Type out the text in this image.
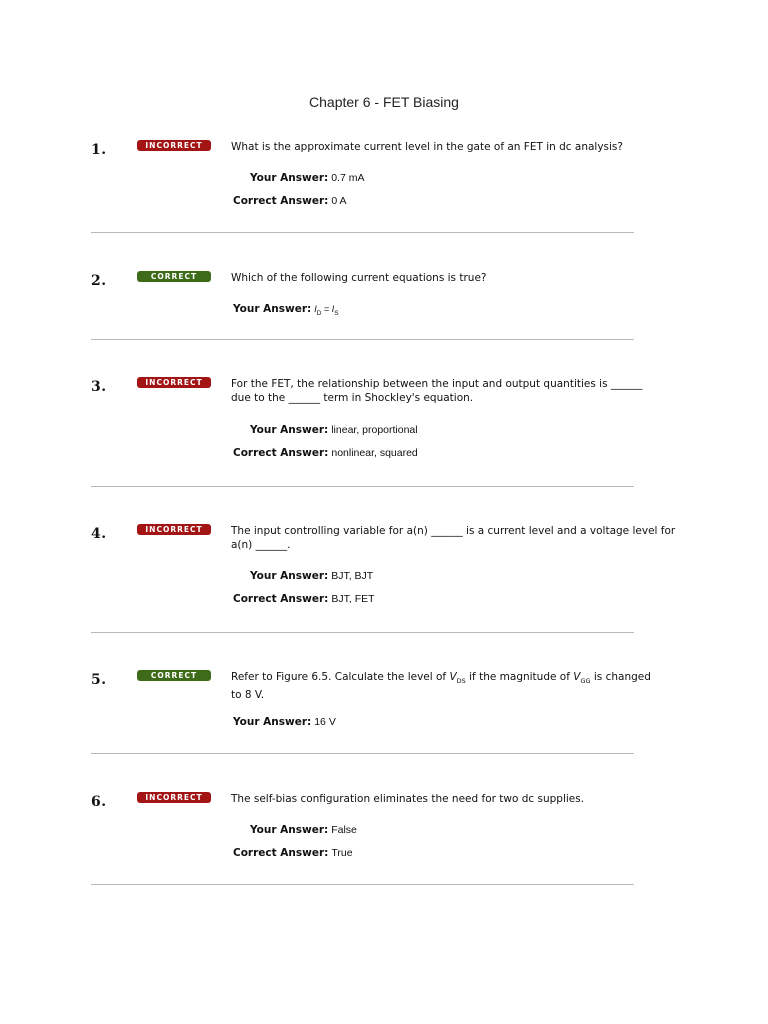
Chapter 6 - FET Biasing
1.	INCORRECT	What is the approximate current level in the gate of an FET in dc analysis?
Your Answer: 0.7 mA
Correct Answer: 0 A
2.	CORRECT	Which of the following current equations is true?
Your Answer: $I_D = I_S$
3.	INCORRECT	For the FET, the relationship between the input and output quantities is ______ due to the ______ term in Shockley's equation.
Your Answer: linear, proportional
Correct Answer: nonlinear, squared
4.	INCORRECT	The input controlling variable for a(n) ______ is a current level and a voltage level for a(n) ______.
Your Answer: BJT, BJT
Correct Answer: BJT, FET
5.	CORRECT	Refer to Figure 6.5. Calculate the level of $V_{DS}$ if the magnitude of $V_{GG}$ is changed to 8 V.
Your Answer: 16 V
6.	INCORRECT	The self-bias configuration eliminates the need for two dc supplies.
Your Answer: False
Correct Answer: True
